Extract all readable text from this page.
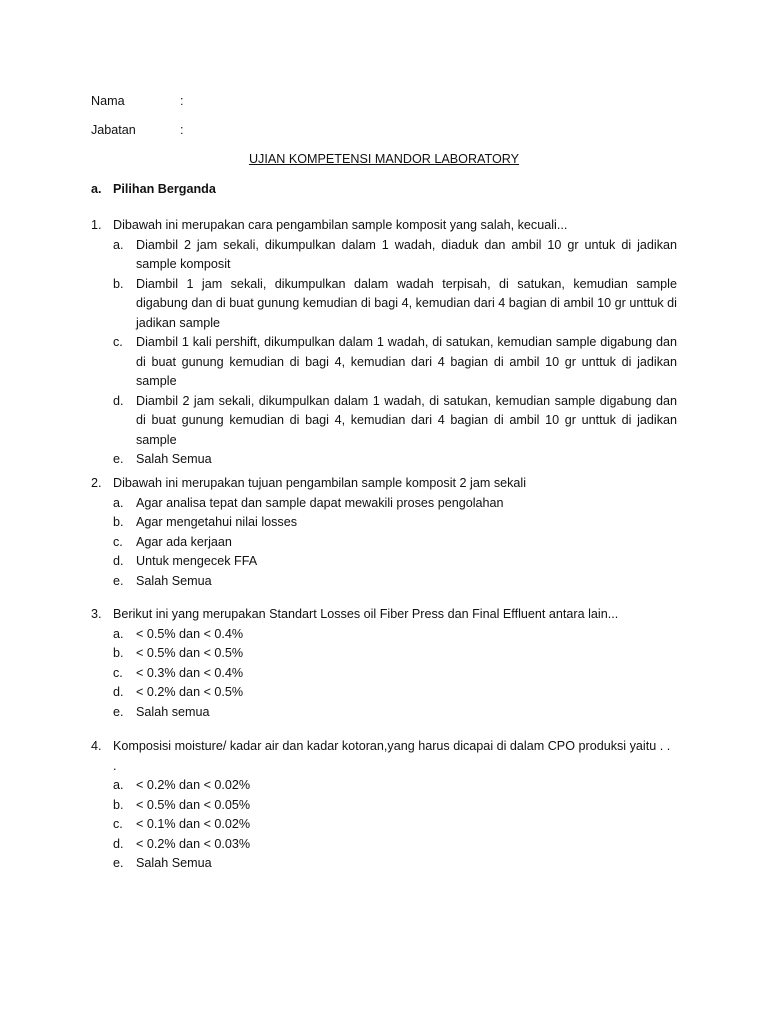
Nama	:
Jabatan	:
UJIAN KOMPETENSI MANDOR LABORATORY
a. Pilihan Berganda
1. Dibawah ini merupakan cara pengambilan sample komposit yang salah, kecuali...
a. Diambil 2 jam sekali, dikumpulkan dalam 1 wadah, diaduk dan ambil 10 gr untuk di jadikan sample komposit
b. Diambil 1 jam sekali, dikumpulkan dalam wadah terpisah, di satukan, kemudian sample digabung dan di buat gunung kemudian di bagi 4, kemudian dari 4 bagian di ambil 10 gr unttuk di jadikan sample
c.	Diambil 1 kali pershift, dikumpulkan dalam 1 wadah, di satukan, kemudian sample digabung dan di buat gunung kemudian di bagi 4, kemudian dari 4 bagian di ambil 10 gr unttuk di jadikan sample
d. Diambil 2 jam sekali, dikumpulkan dalam 1 wadah, di satukan, kemudian sample digabung dan di buat gunung kemudian di bagi 4, kemudian dari 4 bagian di ambil 10 gr unttuk di jadikan sample
e. Salah Semua
2. Dibawah ini merupakan tujuan pengambilan sample komposit 2 jam sekali
a. Agar analisa tepat dan sample dapat mewakili proses pengolahan
b. Agar mengetahui nilai losses
c.	Agar ada kerjaan
d. Untuk mengecek FFA
e. Salah Semua
3. Berikut ini yang merupakan Standart Losses oil Fiber Press dan Final Effluent antara lain...
a. < 0.5% dan < 0.4%
b. < 0.5% dan < 0.5%
c.	< 0.3% dan < 0.4%
d. < 0.2% dan < 0.5%
e. Salah semua
4. Komposisi moisture/ kadar air dan kadar kotoran,yang harus dicapai di dalam CPO produksi yaitu . . .
a. < 0.2% dan < 0.02%
b. < 0.5% dan < 0.05%
c.	< 0.1% dan < 0.02%
d. < 0.2% dan < 0.03%
e. Salah Semua
